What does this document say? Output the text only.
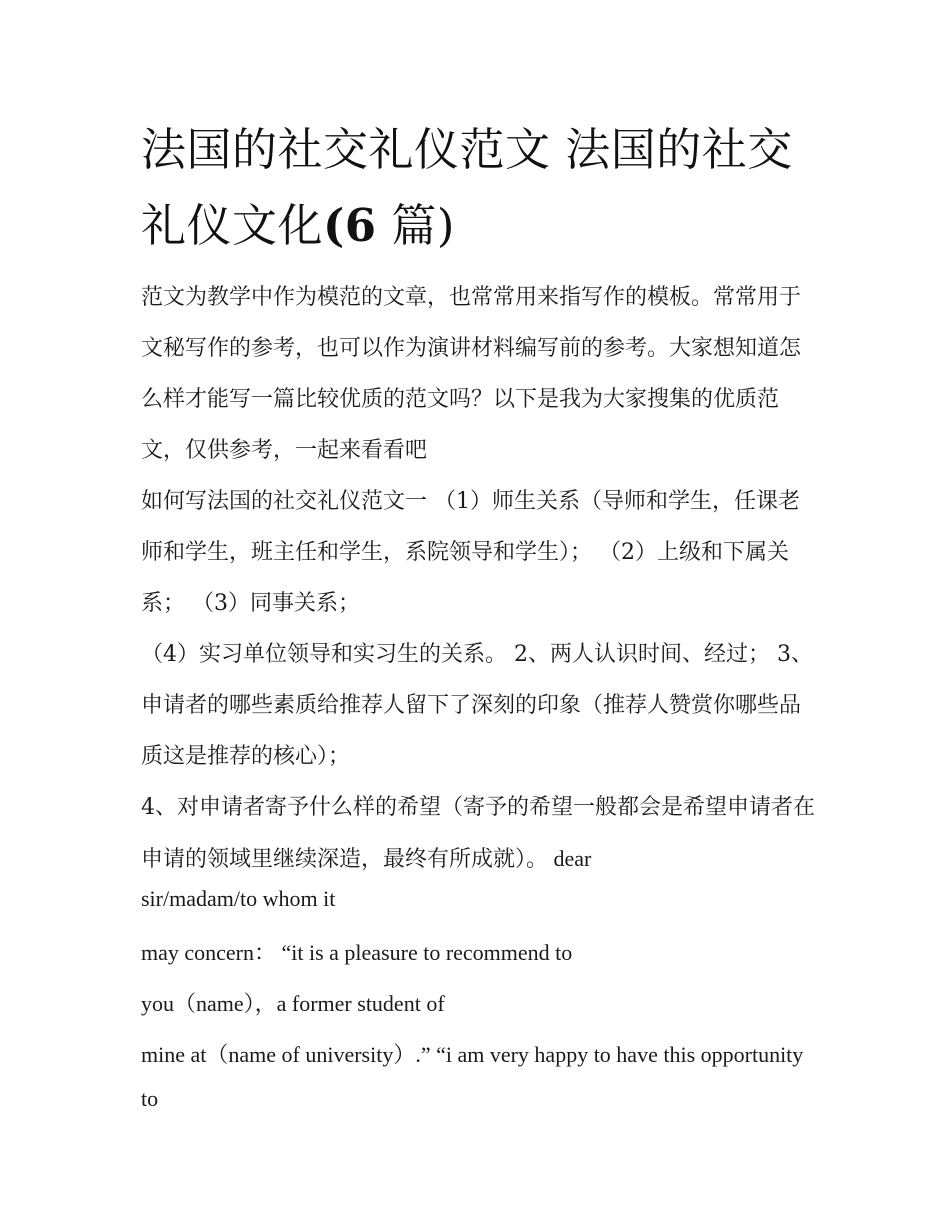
法国的社交礼仪范文 法国的社交礼仪文化(6 篇)

范文为教学中作为模范的文章，也常常用来指写作的模板。常常用于文秘写作的参考，也可以作为演讲材料编写前的参考。大家想知道怎么样才能写一篇比较优质的范文吗？以下是我为大家搜集的优质范文，仅供参考，一起来看看吧

如何写法国的社交礼仪范文一 （1）师生关系（导师和学生，任课老师和学生，班主任和学生，系院领导和学生）； （2）上级和下属关系； （3）同事关系；

（4）实习单位领导和实习生的关系。 2、两人认识时间、经过； 3、申请者的哪些素质给推荐人留下了深刻的印象（推荐人赞赏你哪些品质这是推荐的核心）；

4、对申请者寄予什么样的希望（寄予的希望一般都会是希望申请者在申请的领域里继续深造，最终有所成就）。 dear

sir/madam/to whom it

may concern： “it is a pleasure to recommend to

you（name），a former student of

mine at（name of university）.” “i am very happy to have this opportunity to
